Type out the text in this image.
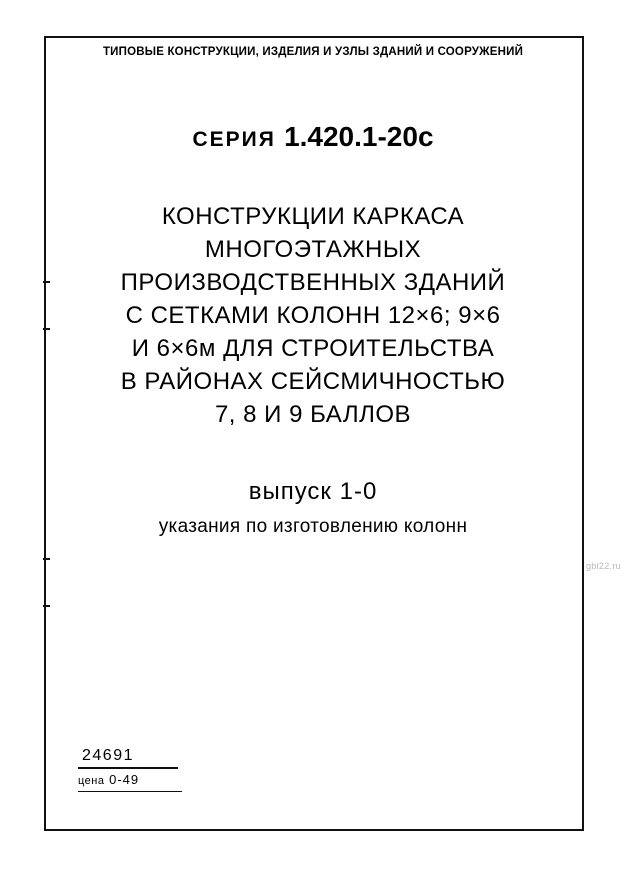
ТИПОВЫЕ КОНСТРУКЦИИ, ИЗДЕЛИЯ И УЗЛЫ ЗДАНИЙ И СООРУЖЕНИЙ
СЕРИЯ 1.420.1-20с
КОНСТРУКЦИИ КАРКАСА
МНОГОЭТАЖНЫХ
ПРОИЗВОДСТВЕННЫХ ЗДАНИЙ
С СЕТКАМИ КОЛОНН 12×6; 9×6
И 6×6м ДЛЯ СТРОИТЕЛЬСТВА
В РАЙОНАХ СЕЙСМИЧНОСТЬЮ
7, 8 И 9 БАЛЛОВ
выпуск 1-0
указания по изготовлению колонн
gbi22.ru
24691
цена 0-49
